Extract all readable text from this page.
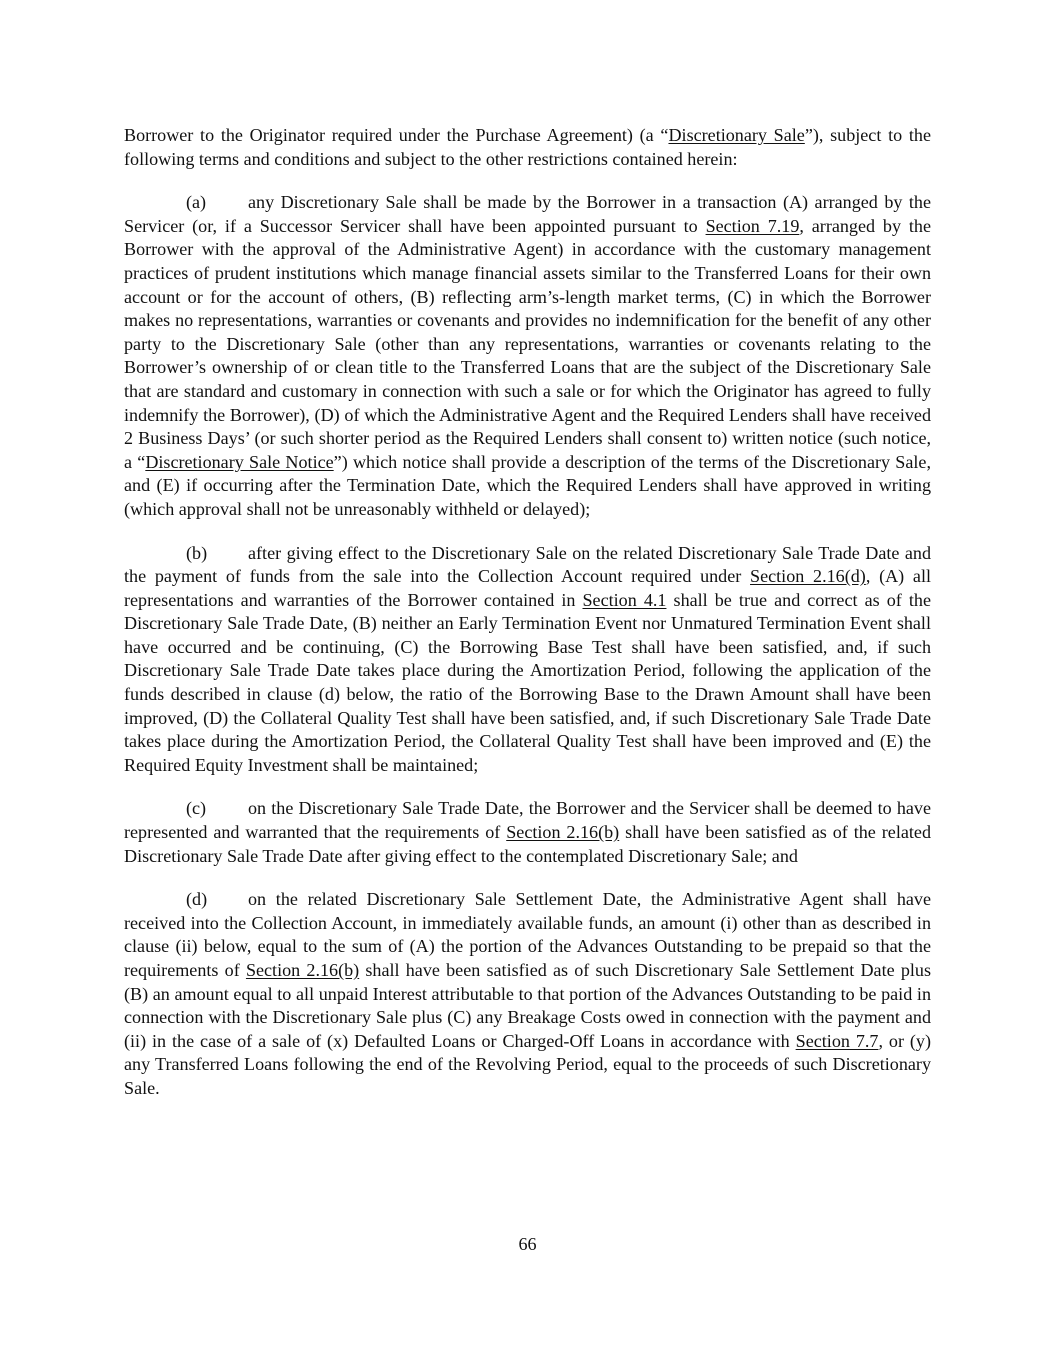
Borrower to the Originator required under the Purchase Agreement) (a “Discretionary Sale”), subject to the following terms and conditions and subject to the other restrictions contained herein:

(a) any Discretionary Sale shall be made by the Borrower in a transaction (A) arranged by the Servicer (or, if a Successor Servicer shall have been appointed pursuant to Section 7.19, arranged by the Borrower with the approval of the Administrative Agent) in accordance with the customary management practices of prudent institutions which manage financial assets similar to the Transferred Loans for their own account or for the account of others, (B) reflecting arm’s-length market terms, (C) in which the Borrower makes no representations, warranties or covenants and provides no indemnification for the benefit of any other party to the Discretionary Sale (other than any representations, warranties or covenants relating to the Borrower’s ownership of or clean title to the Transferred Loans that are the subject of the Discretionary Sale that are standard and customary in connection with such a sale or for which the Originator has agreed to fully indemnify the Borrower), (D) of which the Administrative Agent and the Required Lenders shall have received 2 Business Days’ (or such shorter period as the Required Lenders shall consent to) written notice (such notice, a “Discretionary Sale Notice”) which notice shall provide a description of the terms of the Discretionary Sale, and (E) if occurring after the Termination Date, which the Required Lenders shall have approved in writing (which approval shall not be unreasonably withheld or delayed);

(b) after giving effect to the Discretionary Sale on the related Discretionary Sale Trade Date and the payment of funds from the sale into the Collection Account required under Section 2.16(d), (A) all representations and warranties of the Borrower contained in Section 4.1 shall be true and correct as of the Discretionary Sale Trade Date, (B) neither an Early Termination Event nor Unmatured Termination Event shall have occurred and be continuing, (C) the Borrowing Base Test shall have been satisfied, and, if such Discretionary Sale Trade Date takes place during the Amortization Period, following the application of the funds described in clause (d) below, the ratio of the Borrowing Base to the Drawn Amount shall have been improved, (D) the Collateral Quality Test shall have been satisfied, and, if such Discretionary Sale Trade Date takes place during the Amortization Period, the Collateral Quality Test shall have been improved and (E) the Required Equity Investment shall be maintained;

(c) on the Discretionary Sale Trade Date, the Borrower and the Servicer shall be deemed to have represented and warranted that the requirements of Section 2.16(b) shall have been satisfied as of the related Discretionary Sale Trade Date after giving effect to the contemplated Discretionary Sale; and

(d) on the related Discretionary Sale Settlement Date, the Administrative Agent shall have received into the Collection Account, in immediately available funds, an amount (i) other than as described in clause (ii) below, equal to the sum of (A) the portion of the Advances Outstanding to be prepaid so that the requirements of Section 2.16(b) shall have been satisfied as of such Discretionary Sale Settlement Date plus (B) an amount equal to all unpaid Interest attributable to that portion of the Advances Outstanding to be paid in connection with the Discretionary Sale plus (C) any Breakage Costs owed in connection with the payment and (ii) in the case of a sale of (x) Defaulted Loans or Charged-Off Loans in accordance with Section 7.7, or (y) any Transferred Loans following the end of the Revolving Period, equal to the proceeds of such Discretionary Sale.

66
